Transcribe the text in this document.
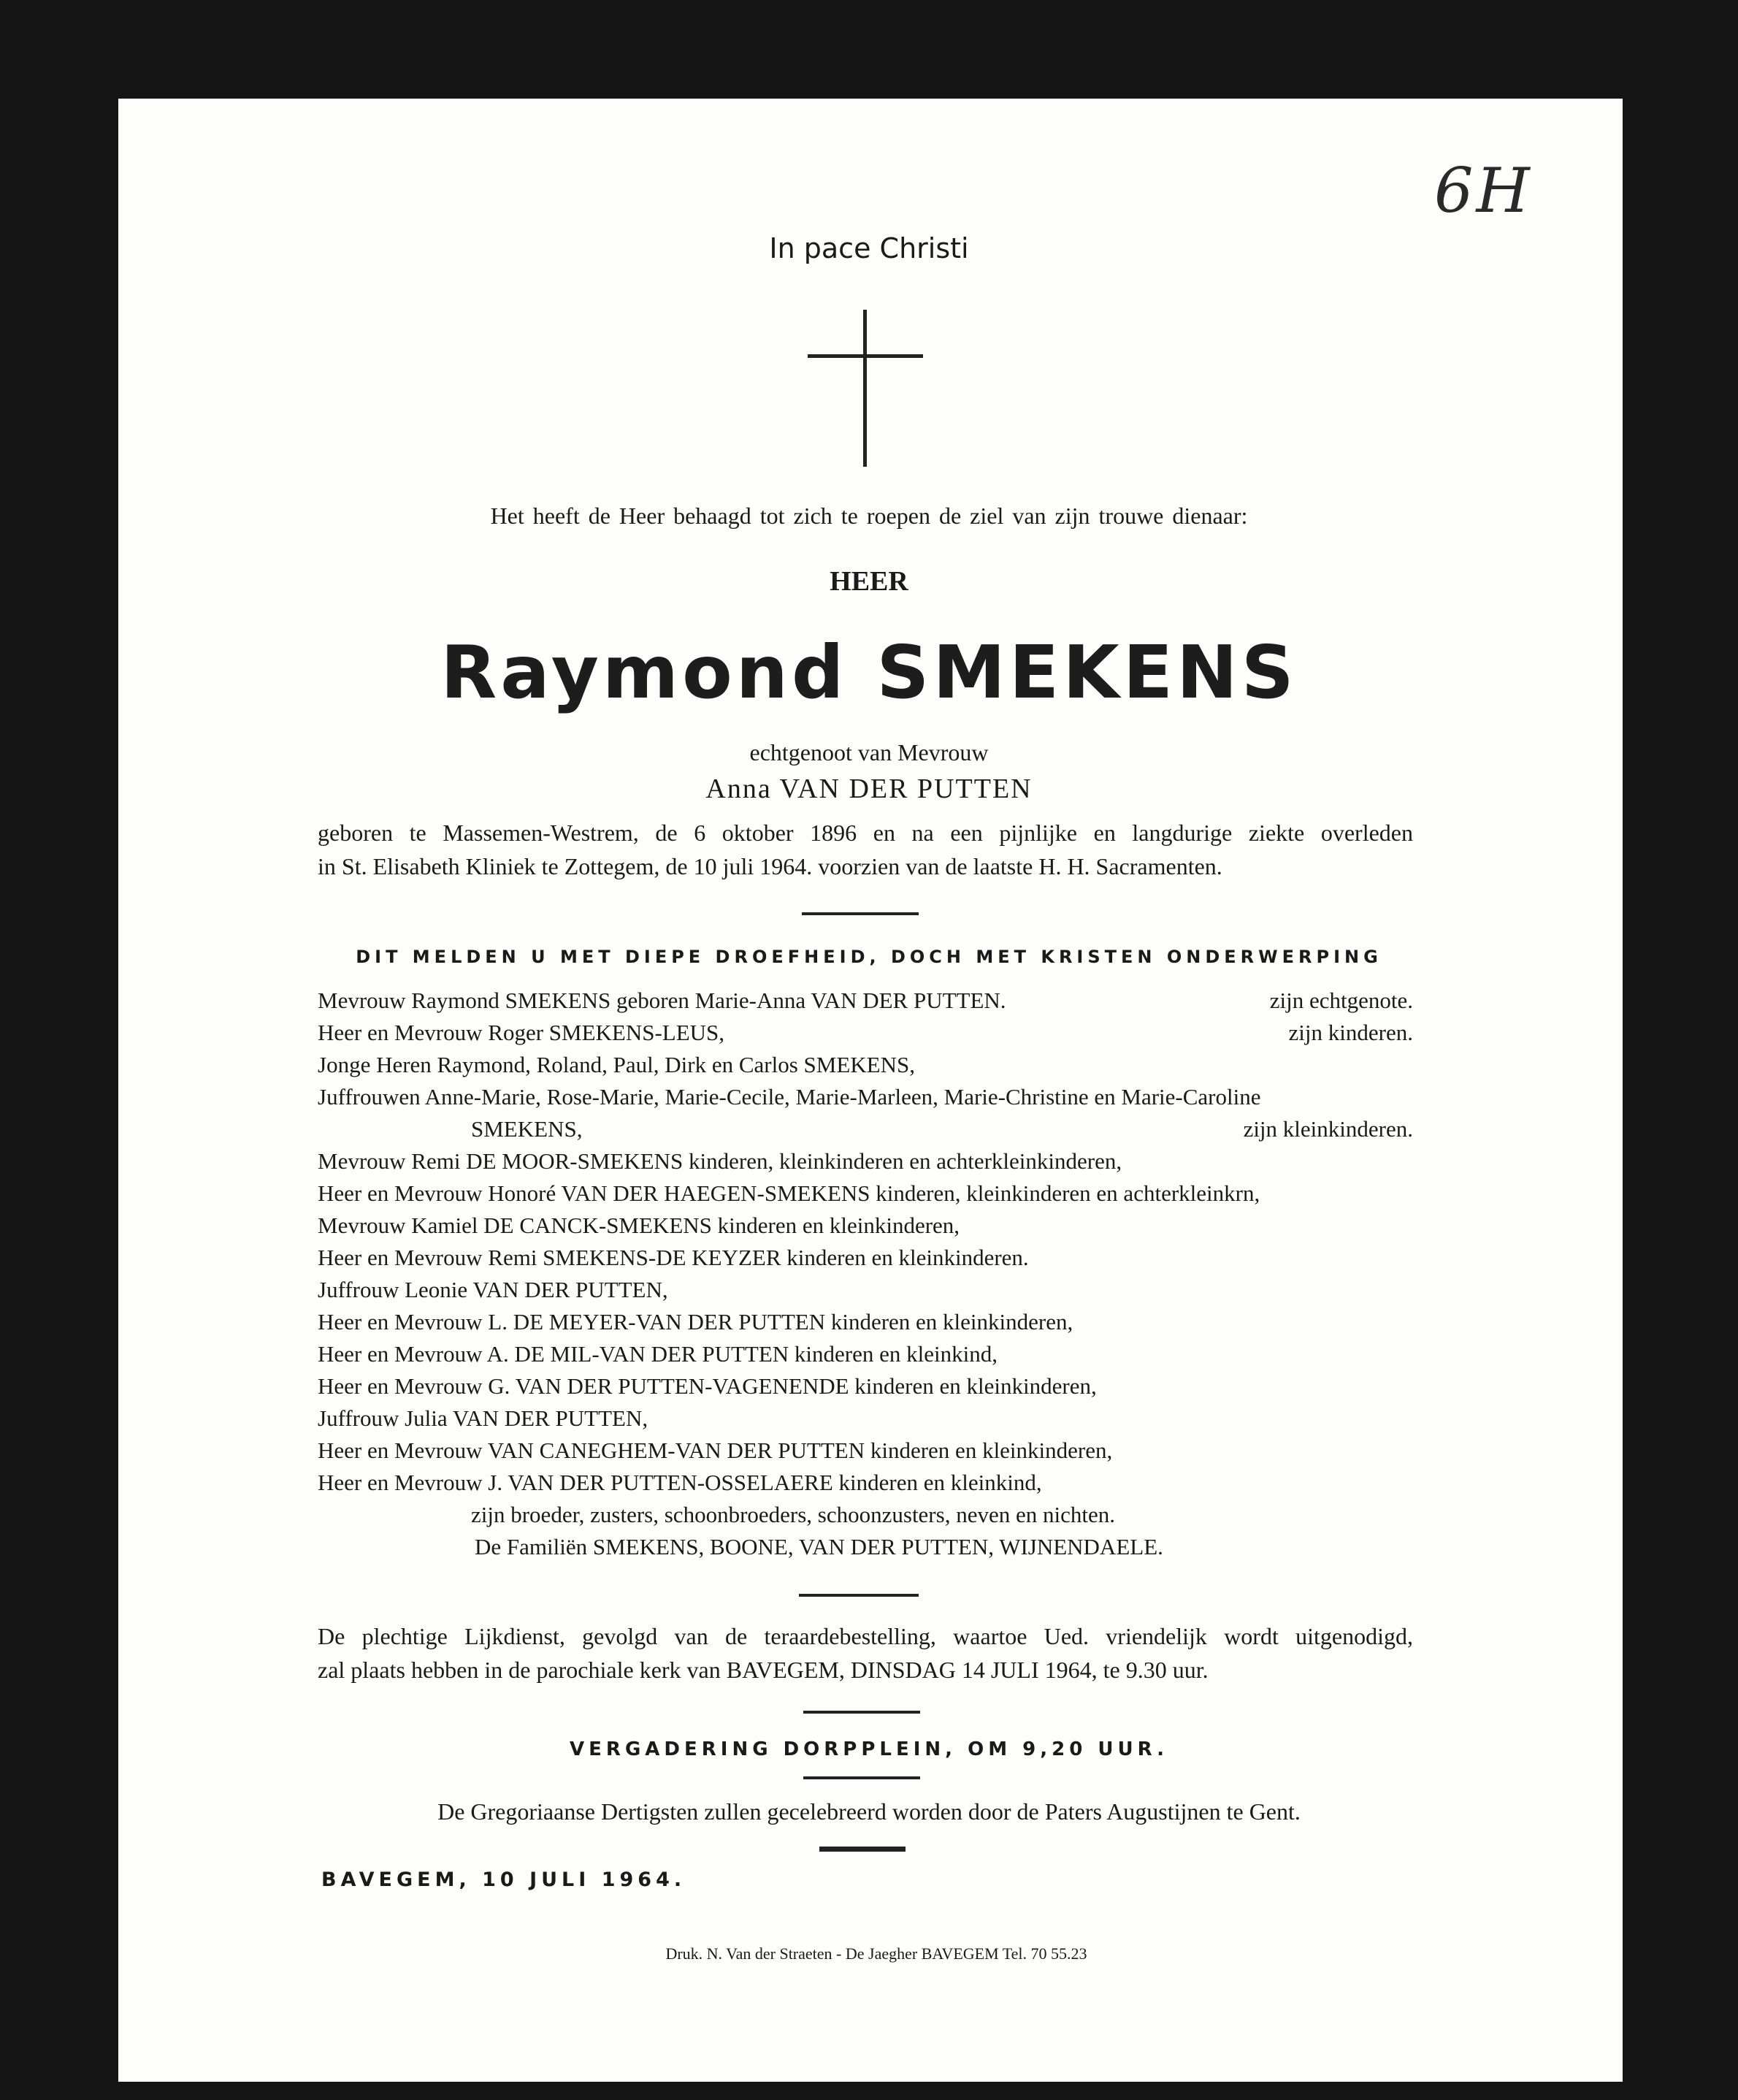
6H
In pace Christi
Het heeft de Heer behaagd tot zich te roepen de ziel van zijn trouwe dienaar:
HEER
Raymond SMEKENS
echtgenoot van Mevrouw
Anna VAN DER PUTTEN
geboren te Massemen-Westrem, de 6 oktober 1896 en na een pijnlijke en langdurige ziekte overleden
in St. Elisabeth Kliniek te Zottegem, de 10 juli 1964. voorzien van de laatste H. H. Sacramenten.
DIT MELDEN U MET DIEPE DROEFHEID, DOCH MET KRISTEN ONDERWERPING
Mevrouw Raymond SMEKENS geboren Marie-Anna VAN DER PUTTEN.	zijn echtgenote.
Heer en Mevrouw Roger SMEKENS-LEUS,	zijn kinderen.
Jonge Heren Raymond, Roland, Paul, Dirk en Carlos SMEKENS,
Juffrouwen Anne-Marie, Rose-Marie, Marie-Cecile, Marie-Marleen, Marie-Christine en Marie-Caroline
SMEKENS,	zijn kleinkinderen.
Mevrouw Remi DE MOOR-SMEKENS kinderen, kleinkinderen en achterkleinkinderen,
Heer en Mevrouw Honoré VAN DER HAEGEN-SMEKENS kinderen, kleinkinderen en achterkleinkrn,
Mevrouw Kamiel DE CANCK-SMEKENS kinderen en kleinkinderen,
Heer en Mevrouw Remi SMEKENS-DE KEYZER kinderen en kleinkinderen.
Juffrouw Leonie VAN DER PUTTEN,
Heer en Mevrouw L. DE MEYER-VAN DER PUTTEN kinderen en kleinkinderen,
Heer en Mevrouw A. DE MIL-VAN DER PUTTEN kinderen en kleinkind,
Heer en Mevrouw G. VAN DER PUTTEN-VAGENENDE kinderen en kleinkinderen,
Juffrouw Julia VAN DER PUTTEN,
Heer en Mevrouw VAN CANEGHEM-VAN DER PUTTEN kinderen en kleinkinderen,
Heer en Mevrouw J. VAN DER PUTTEN-OSSELAERE kinderen en kleinkind,
zijn broeder, zusters, schoonbroeders, schoonzusters, neven en nichten.
De Familiën SMEKENS, BOONE, VAN DER PUTTEN, WIJNENDAELE.
De plechtige Lijkdienst, gevolgd van de teraardebestelling, waartoe Ued. vriendelijk wordt uitgenodigd,
zal plaats hebben in de parochiale kerk van BAVEGEM, DINSDAG 14 JULI 1964, te 9.30 uur.
VERGADERING DORPPLEIN, OM 9,20 UUR.
De Gregoriaanse Dertigsten zullen gecelebreerd worden door de Paters Augustijnen te Gent.
BAVEGEM, 10 JULI 1964.
Druk. N. Van der Straeten - De Jaegher BAVEGEM Tel. 70 55.23
